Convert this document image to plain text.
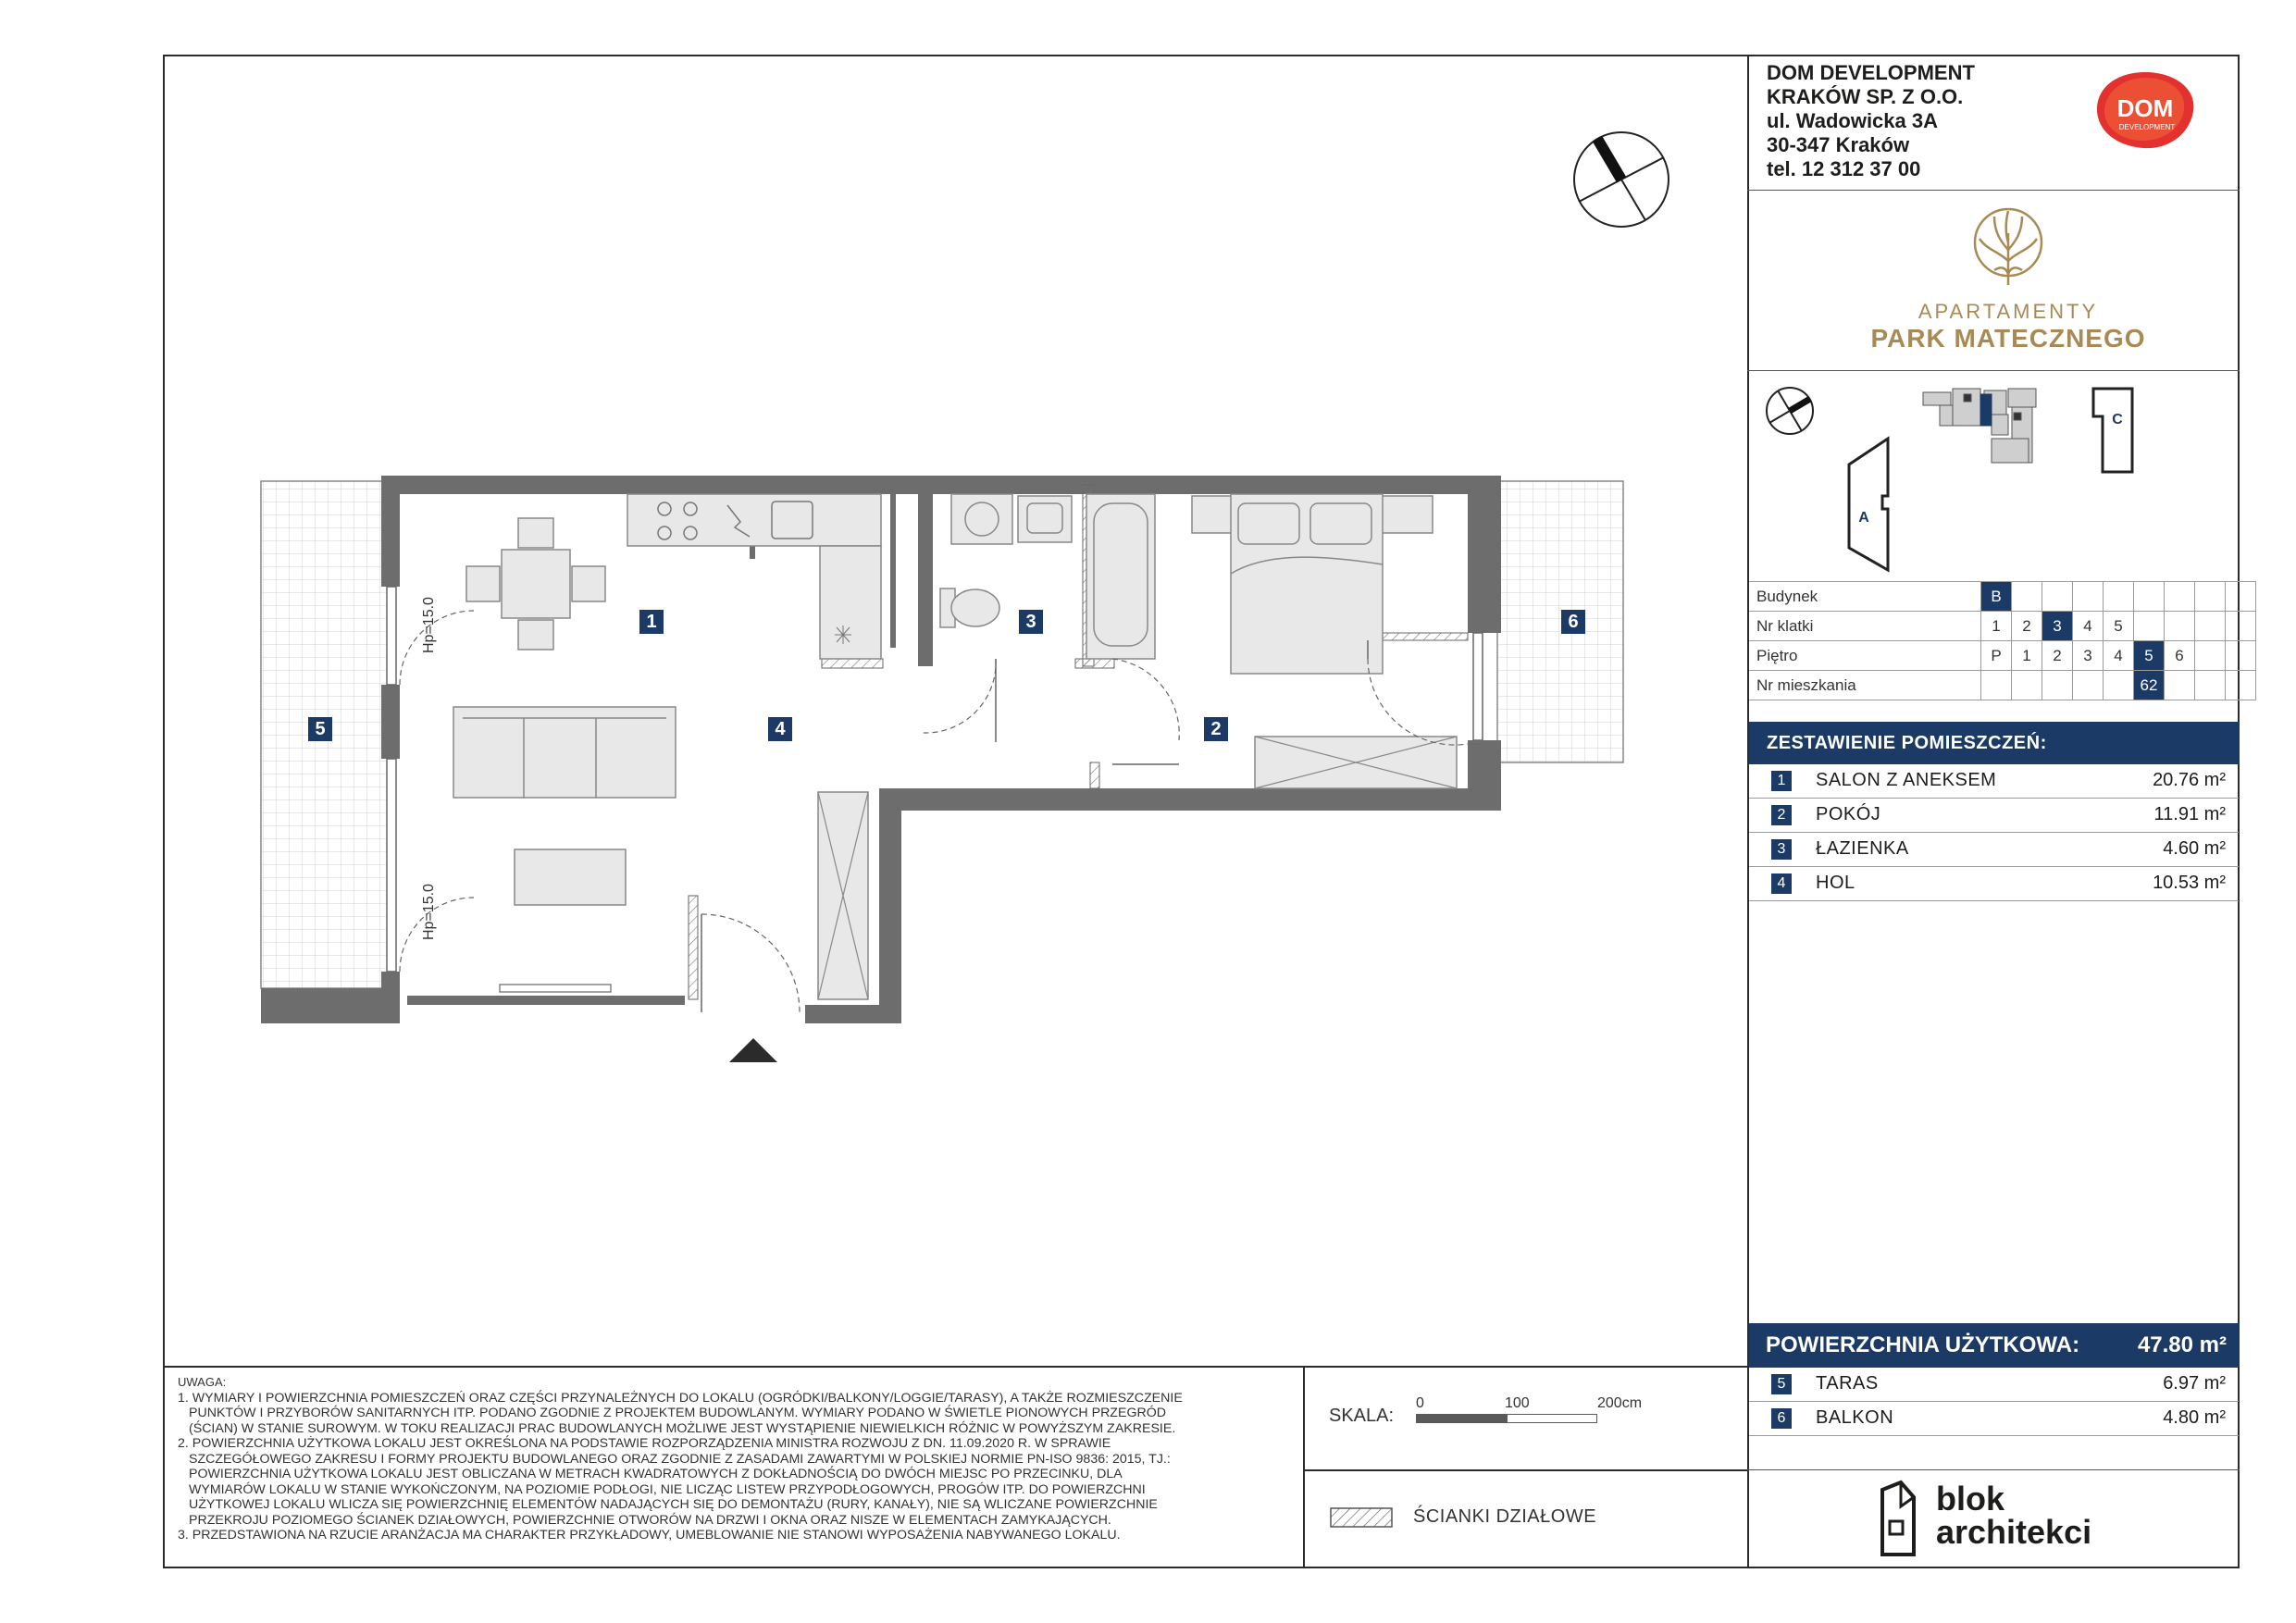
DOM DEVELOPMENT
KRAKÓW SP. Z O.O.
ul. Wadowicka 3A
30-347 Kraków
tel. 12 312 37 00
DOM
DEVELOPMENT
APARTAMENTY
PARK MATECZNEGO
C
A
Budynek	B								
Nr klatki	1	2	3	4	5				
Piętro	P	1	2	3	4	5	6		
Nr mieszkania						62			
ZESTAWIENIE POMIESZCZEŃ:
1	SALON Z ANEKSEM	20.76 m²
2	POKÓJ	11.91 m²
3	ŁAZIENKA	4.60 m²
4	HOL	10.53 m²
POWIERZCHNIA UŻYTKOWA:	47.80 m²
5	TARAS	6.97 m²
6	BALKON	4.80 m²
blok
architekci
UWAGA:
1. WYMIARY I POWIERZCHNIA POMIESZCZEŃ ORAZ CZĘŚCI PRZYNALEŻNYCH DO LOKALU (OGRÓDKI/BALKONY/LOGGIE/TARASY), A TAKŻE ROZMIESZCZENIE
PUNKTÓW I PRZYBORÓW SANITARNYCH ITP. PODANO ZGODNIE Z PROJEKTEM BUDOWLANYM. WYMIARY PODANO W ŚWIETLE PIONOWYCH PRZEGRÓD
(ŚCIAN) W STANIE SUROWYM. W TOKU REALIZACJI PRAC BUDOWLANYCH MOŻLIWE JEST WYSTĄPIENIE NIEWIELKICH RÓŻNIC W POWYŻSZYM ZAKRESIE.
2. POWIERZCHNIA UŻYTKOWA LOKALU JEST OKREŚLONA NA PODSTAWIE ROZPORZĄDZENIA MINISTRA ROZWOJU Z DN. 11.09.2020 R. W SPRAWIE
SZCZEGÓŁOWEGO ZAKRESU I FORMY PROJEKTU BUDOWLANEGO ORAZ ZGODNIE Z ZASADAMI ZAWARTYMI W POLSKIEJ NORMIE PN-ISO 9836: 2015, TJ.:
POWIERZCHNIA UŻYTKOWA LOKALU JEST OBLICZANA W METRACH KWADRATOWYCH Z DOKŁADNOŚCIĄ DO DWÓCH MIEJSC PO PRZECINKU, DLA
WYMIARÓW LOKALU W STANIE WYKOŃCZONYM, NA POZIOMIE PODŁOGI, NIE LICZĄC LISTEW PRZYPODŁOGOWYCH, PROGÓW ITP. DO POWIERZCHNI
UŻYTKOWEJ LOKALU WLICZA SIĘ POWIERZCHNIĘ ELEMENTÓW NADAJĄCYCH SIĘ DO DEMONTAŻU (RURY, KANAŁY), NIE SĄ WLICZANE POWIERZCHNIE
PRZEKROJU POZIOMEGO ŚCIANEK DZIAŁOWYCH, POWIERZCHNIE OTWORÓW NA DRZWI I OKNA ORAZ NISZE W ELEMENTACH ZAMYKAJĄCYCH.
3. PRZEDSTAWIONA NA RZUCIE ARANŻACJA MA CHARAKTER PRZYKŁADOWY, UMEBLOWANIE NIE STANOWI WYPOSAŻENIA NABYWANEGO LOKALU.
SKALA:
0	100	200cm
ŚCIANKI DZIAŁOWE
Hp=15.0
Hp=15.0
1
2
3
4
5
6
